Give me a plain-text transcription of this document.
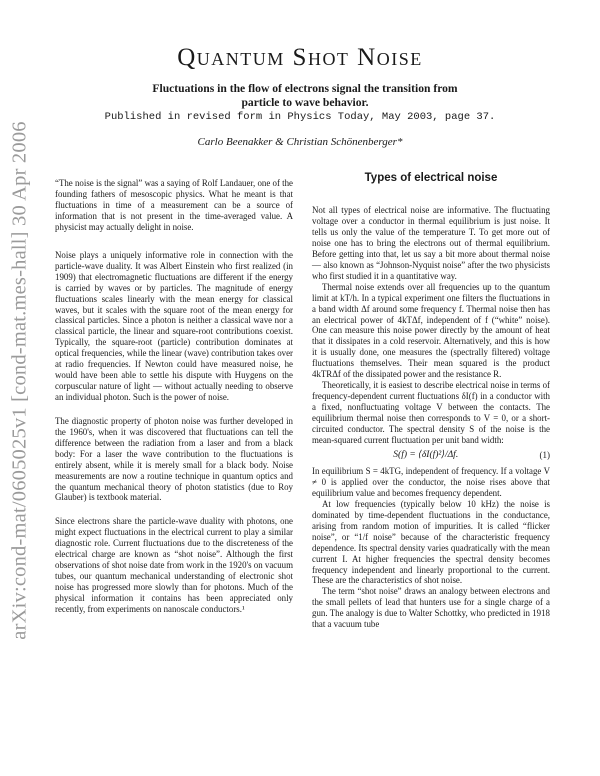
arXiv:cond-mat/0605025v1 [cond-mat.mes-hall] 30 Apr 2006
Quantum Shot Noise

Fluctuations in the flow of electrons signal the transition from particle to wave behavior.

Published in revised form in Physics Today, May 2003, page 37.
Carlo Beenakker & Christian Schönenberger*

“The noise is the signal” was a saying of Rolf Landauer, one of the founding fathers of mesoscopic physics. What he meant is that fluctuations in time of a measurement can be a source of information that is not present in the time-averaged value. A physicist may actually delight in noise.

Noise plays a uniquely informative role in connection with the particle-wave duality. It was Albert Einstein who first realized (in 1909) that electromagnetic fluctuations are different if the energy is carried by waves or by particles. The magnitude of energy fluctuations scales linearly with the mean energy for classical waves, but it scales with the square root of the mean energy for classical particles. Since a photon is neither a classical wave nor a classical particle, the linear and square-root contributions coexist. Typically, the square-root (particle) contribution dominates at optical frequencies, while the linear (wave) contribution takes over at radio frequencies. If Newton could have measured noise, he would have been able to settle his dispute with Huygens on the corpuscular nature of light — without actually needing to observe an individual photon. Such is the power of noise.

The diagnostic property of photon noise was further developed in the 1960's, when it was discovered that fluctuations can tell the difference between the radiation from a laser and from a black body: For a laser the wave contribution to the fluctuations is entirely absent, while it is merely small for a black body. Noise measurements are now a routine technique in quantum optics and the quantum mechanical theory of photon statistics (due to Roy Glauber) is textbook material.

Since electrons share the particle-wave duality with photons, one might expect fluctuations in the electrical current to play a similar diagnostic role. Current fluctuations due to the discreteness of the electrical charge are known as “shot noise”. Although the first observations of shot noise date from work in the 1920's on vacuum tubes, our quantum mechanical understanding of electronic shot noise has progressed more slowly than for photons. Much of the physical information it contains has been appreciated only recently, from experiments on nanoscale conductors.¹

Types of electrical noise

Not all types of electrical noise are informative. The fluctuating voltage over a conductor in thermal equilibrium is just noise. It tells us only the value of the temperature T. To get more out of noise one has to bring the electrons out of thermal equilibrium. Before getting into that, let us say a bit more about thermal noise — also known as “Johnson-Nyquist noise” after the two physicists who first studied it in a quantitative way.

Thermal noise extends over all frequencies up to the quantum limit at kT/h. In a typical experiment one filters the fluctuations in a band width Δf around some frequency f. Thermal noise then has an electrical power of 4kTΔf, independent of f (“white” noise). One can measure this noise power directly by the amount of heat that it dissipates in a cold reservoir. Alternatively, and this is how it is usually done, one measures the (spectrally filtered) voltage fluctuations themselves. Their mean squared is the product 4kTRΔf of the dissipated power and the resistance R.

Theoretically, it is easiest to describe electrical noise in terms of frequency-dependent current fluctuations δI(f) in a conductor with a fixed, nonfluctuating voltage V between the contacts. The equilibrium thermal noise then corresponds to V = 0, or a short-circuited conductor. The spectral density S of the noise is the mean-squared current fluctuation per unit band width:

S(f) = ⟨δI(f)²⟩/Δf.	(1)

In equilibrium S = 4kTG, independent of frequency. If a voltage V ≠ 0 is applied over the conductor, the noise rises above that equilibrium value and becomes frequency dependent.

At low frequencies (typically below 10 kHz) the noise is dominated by time-dependent fluctuations in the conductance, arising from random motion of impurities. It is called “flicker noise”, or “1/f noise” because of the characteristic frequency dependence. Its spectral density varies quadratically with the mean current I. At higher frequencies the spectral density becomes frequency independent and linearly proportional to the current. These are the characteristics of shot noise.

The term “shot noise” draws an analogy between electrons and the small pellets of lead that hunters use for a single charge of a gun. The analogy is due to Walter Schottky, who predicted in 1918 that a vacuum tube
